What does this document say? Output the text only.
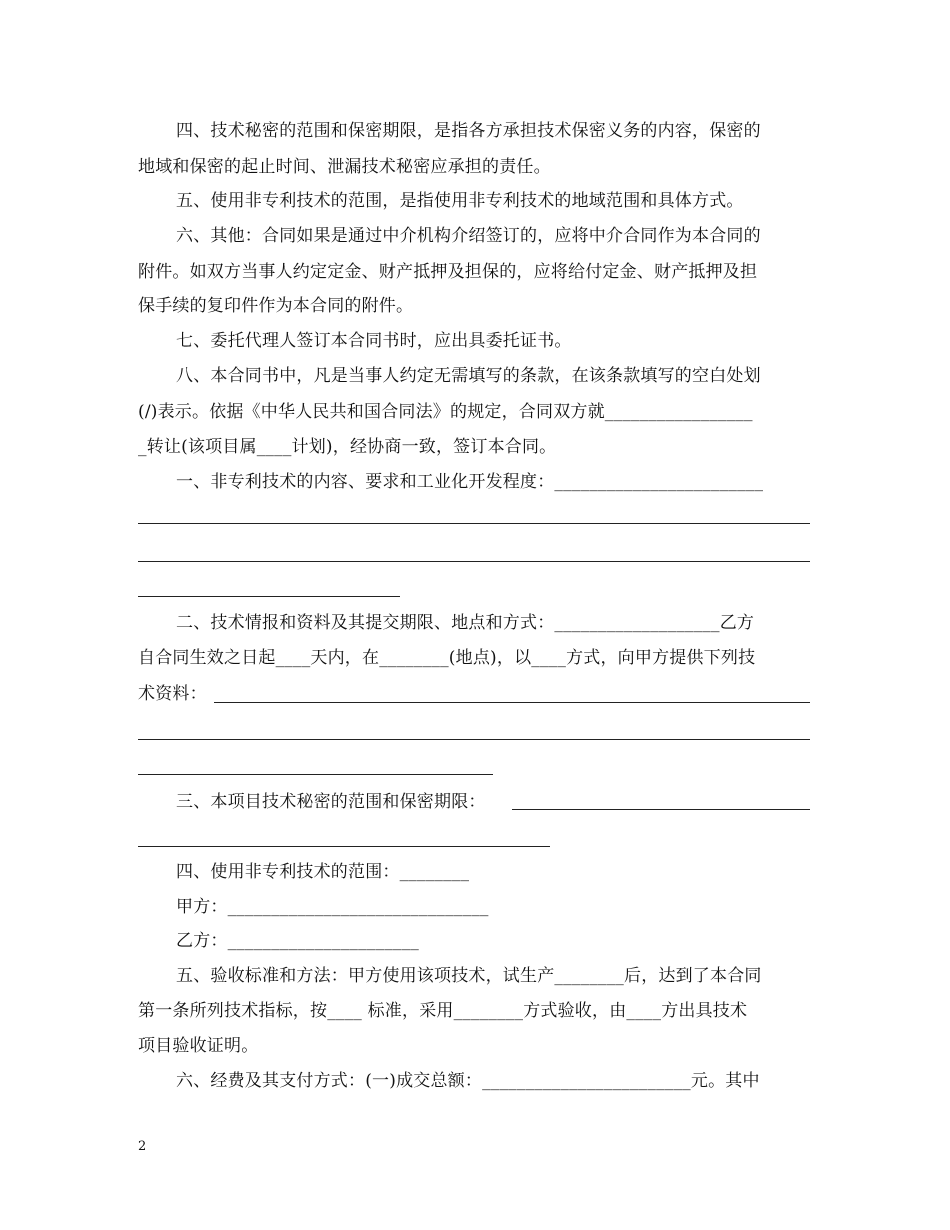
四、技术秘密的范围和保密期限，是指各方承担技术保密义务的内容，保密的
地域和保密的起止时间、泄漏技术秘密应承担的责任。
五、使用非专利技术的范围，是指使用非专利技术的地域范围和具体方式。
六、其他：合同如果是通过中介机构介绍签订的，应将中介合同作为本合同的
附件。如双方当事人约定定金、财产抵押及担保的，应将给付定金、财产抵押及担
保手续的复印件作为本合同的附件。
七、委托代理人签订本合同书时，应出具委托证书。
八、本合同书中，凡是当事人约定无需填写的条款，在该条款填写的空白处划
(/)表示。依据《中华人民共和国合同法》的规定，合同双方就_________________
_转让(该项目属____计划)，经协商一致，签订本合同。
一、非专利技术的内容、要求和工业化开发程度：________________________
二、技术情报和资料及其提交期限、地点和方式：___________________乙方
自合同生效之日起____天内，在________(地点)，以____方式，向甲方提供下列技
术资料：
三、本项目技术秘密的范围和保密期限：
四、使用非专利技术的范围：________
甲方：______________________________
乙方：______________________
五、验收标准和方法：甲方使用该项技术，试生产________后，达到了本合同
第一条所列技术指标，按____ 标准，采用________方式验收，由____方出具技术
项目验收证明。
六、经费及其支付方式：(一)成交总额：________________________元。其中
2
